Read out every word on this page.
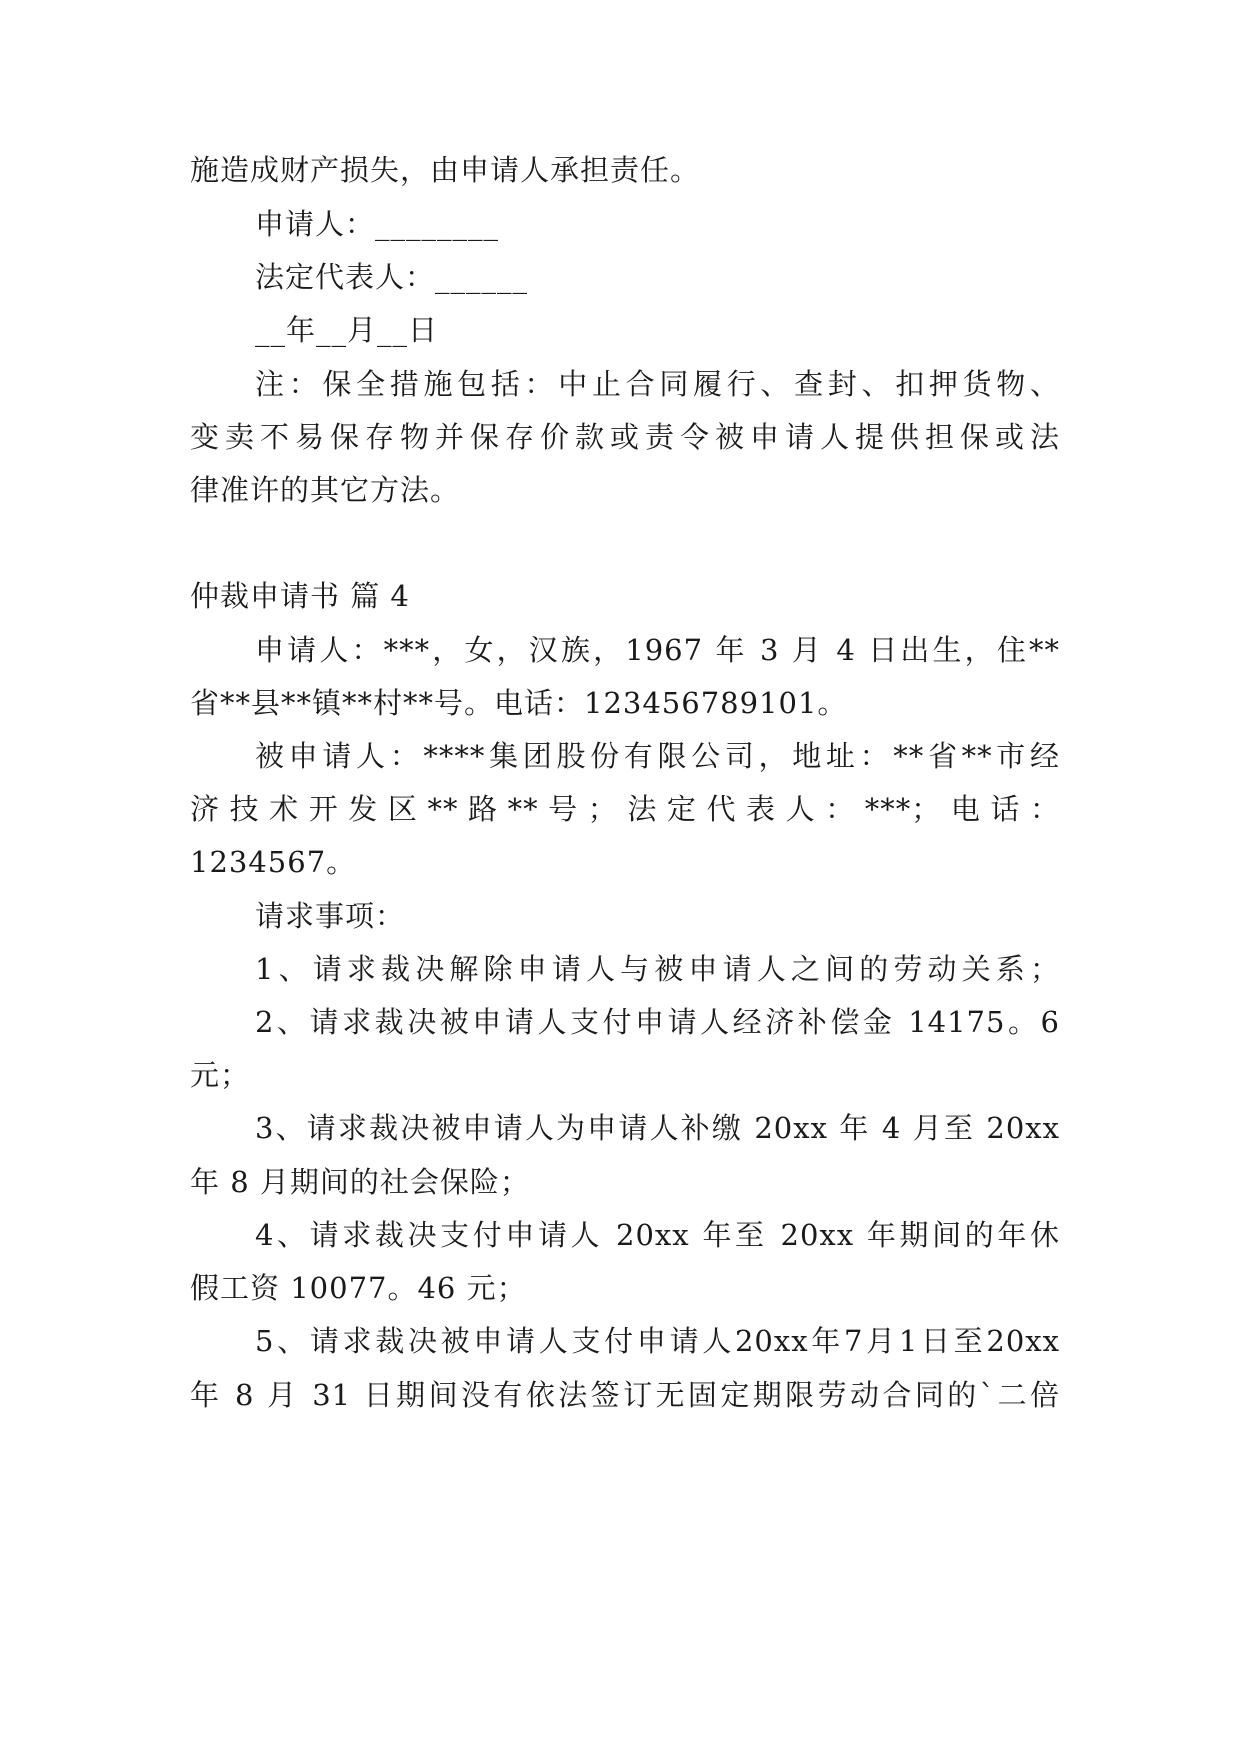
施造成财产损失，由申请人承担责任。
申请人：________
法定代表人：______
__年__月__日
注：保全措施包括：中止合同履行、查封、扣押货物、
变卖不易保存物并保存价款或责令被申请人提供担保或法
律准许的其它方法。
仲裁申请书 篇 4
申请人：***，女，汉族，1967 年 3 月 4 日出生，住**
省**县**镇**村**号。电话：123456789101。
被申请人：****集团股份有限公司，地址：**省**市经
济技术开发区**路**号；法定代表人：***；电话：
1234567。
请求事项：
1、请求裁决解除申请人与被申请人之间的劳动关系；
2、请求裁决被申请人支付申请人经济补偿金 14175。6
元；
3、请求裁决被申请人为申请人补缴 20xx 年 4 月至 20xx
年 8 月期间的社会保险；
4、请求裁决支付申请人 20xx 年至 20xx 年期间的年休
假工资 10077。46 元；
5、请求裁决被申请人支付申请人20xx年7月1日至20xx
年 8 月 31 日期间没有依法签订无固定期限劳动合同的`二倍
